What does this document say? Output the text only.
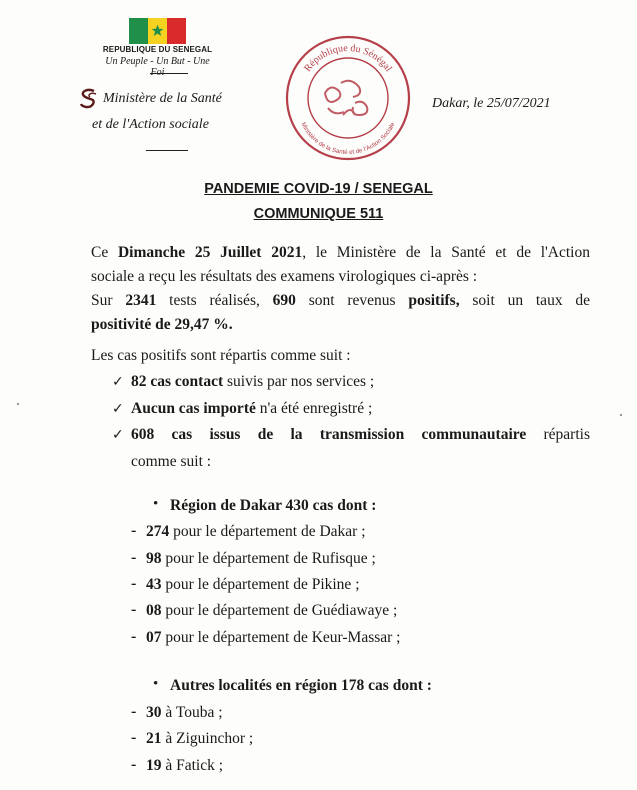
REPUBLIQUE DU SENEGAL
Un Peuple - Un But - Une
Ministère de la Santé
et de l'Action sociale
République du Sénégal
Ministère de la Santé et de l'Action Sociale
Dakar, le 25/07/2021
PANDEMIE COVID-19 / SENEGAL
COMMUNIQUE 511
Ce Dimanche 25 Juillet 2021, le Ministère de la Santé et de l'Action
sociale a reçu les résultats des examens virologiques ci-après :
Sur 2341 tests réalisés, 690 sont revenus positifs, soit un taux de
positivité de 29,47 %.
Les cas positifs sont répartis comme suit :
✓ 82 cas contact suivis par nos services ;
✓ Aucun cas importé n'a été enregistré ;
✓ 608 cas issus de la transmission communautaire répartis
comme suit :
• Région de Dakar 430 cas dont :
- 274 pour le département de Dakar ;
- 98 pour le département de Rufisque ;
- 43 pour le département de Pikine ;
- 08 pour le département de Guédiawaye ;
- 07 pour le département de Keur-Massar ;
• Autres localités en région 178 cas dont :
- 30 à Touba ;
- 21 à Ziguinchor ;
- 19 à Fatick ;
